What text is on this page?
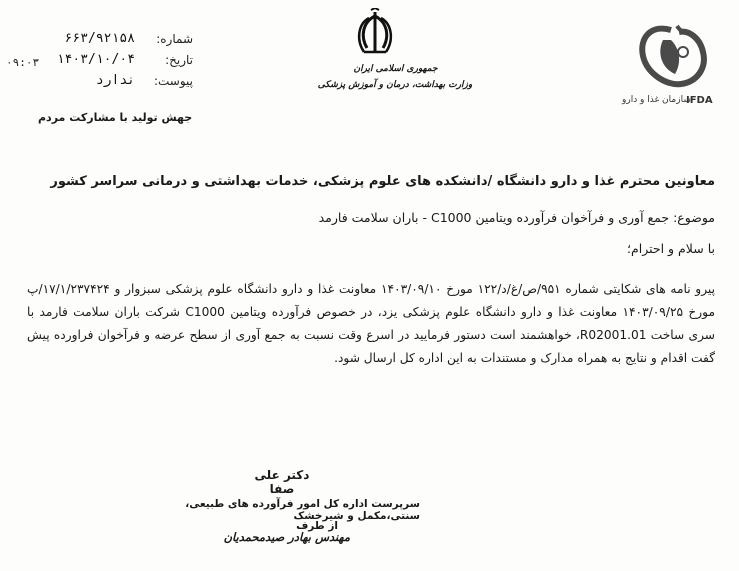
شماره:
۶۶۳/۹۲۱۵۸
تاریخ:
۱۴۰۳/۱۰/۰۴
پیوست:
ندارد
۰۹:۰۳
جهش تولید با مشارکت مردم
جمهوری اسلامی ایران
وزارت بهداشت، درمان و آموزش پزشکی
سازمان غذا و دارو
IFDA
معاونین محترم غذا و دارو دانشگاه /دانشکده های علوم پزشکی، خدمات بهداشتی و درمانی سراسر کشور
موضوع: جمع آوری و فرآخوان فرآورده ویتامین C1000 - باران سلامت فارمد
با سلام و احترام؛
پیرو نامه های شکایتی شماره ۹۵۱/ص/غ/د/۱۲۲ مورخ ۱۴۰۳/۰۹/۱۰ معاونت غذا و دارو دانشگاه علوم پزشکی سبزوار و ۱۷/۱/۲۳۷۴۲۴/پ مورخ ۱۴۰۳/۰۹/۲۵ معاونت غذا و دارو دانشگاه علوم پزشکی یزد، در خصوص فرآورده ویتامین C1000 شرکت باران سلامت فارمد با سری ساخت 01.R02001، خواهشمند است دستور فرمایید در اسرع وقت نسبت به جمع آوری از سطح عرضه و فرآخوان فراورده پیش گفت اقدام و نتایج به همراه مدارک و مستندات به این اداره کل ارسال شود.
دکتر علی صفا
سرپرست اداره کل امور فرآورده های طبیعی، سنتی،مکمل و شیرخشک
از طرف
مهندس بهادر صیدمحمدیان
